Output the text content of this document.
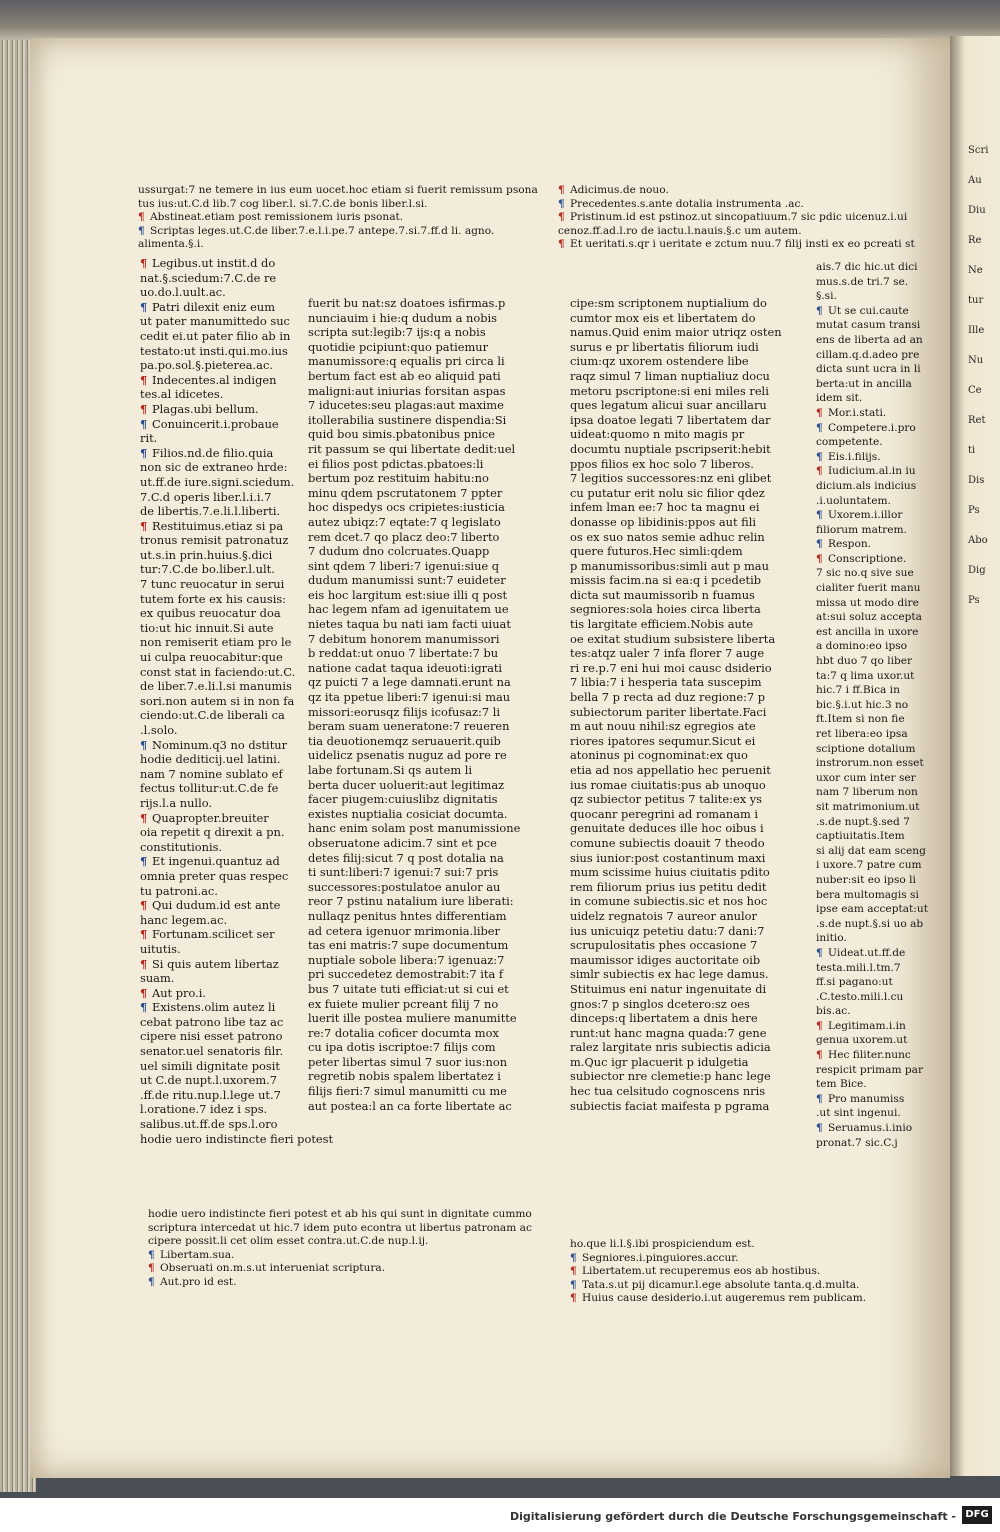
ussurgat:7 ne temere in ius eum uocet.hoc etiam si fuerit remissum psona
tus ius:ut.C.d lib.7 cog liber.l. si.7.C.de bonis liber.l.si.
¶ Abstineat.etiam post remissionem iuris psonat.
¶ Scriptas leges.ut.C.de liber.7.e.l.i.pe.7 antepe.7.si.7.ff.d li. agno.
alimenta.§.i.
¶ Adicimus.de nouo.
¶ Precedentes.s.ante dotalia instrumenta .ac.
¶ Pristinum.id est pstinoz.ut sincopatiuum.7 sic pdic uicenuz.i.ui
cenoz.ff.ad.l.ro de iactu.l.nauis.§.c um autem.
¶ Et ueritati.s.qr i ueritate e zctum nuu.7 filij insti ex eo pcreati st
¶ Legibus.ut instit.d do
nat.§.sciedum:7.C.de re
uo.do.l.uult.ac.
¶ Patri dilexit eniz eum
ut pater manumittedo suc
cedit ei.ut pater filio ab in
testato:ut insti.qui.mo.ius
pa.po.sol.§.pieterea.ac.
¶ Indecentes.al indigen
tes.al idicetes.
¶ Plagas.ubi bellum.
¶ Conuincerit.i.probaue
rit.
¶ Filios.nd.de filio.quia
non sic de extraneo hrde:
ut.ff.de iure.signi.sciedum.
7.C.d operis liber.l.i.i.7
de libertis.7.e.li.l.liberti.
¶ Restituimus.etiaz si pa
tronus remisit patronatuz
ut.s.in prin.huius.§.dici
tur:7.C.de bo.liber.l.ult.
7 tunc reuocatur in serui
tutem forte ex his causis:
ex quibus reuocatur doa
tio:ut hic innuit.Si aute
non remiserit etiam pro le
ui culpa reuocabitur:que
const stat in faciendo:ut.C.
de liber.7.e.li.l.si manumis
sori.non autem si in non fa
ciendo:ut.C.de liberali ca
.l.solo.
¶ Nominum.q3 no dstitur
hodie dediticij.uel latini.
nam 7 nomine sublato ef
fectus tollitur:ut.C.de fe
rijs.l.a nullo.
¶ Quapropter.breuiter
oia repetit q direxit a pn.
constitutionis.
¶ Et ingenui.quantuz ad
omnia preter quas respec
tu patroni.ac.
¶ Qui dudum.id est ante
hanc legem.ac.
¶ Fortunam.scilicet ser
uitutis.
¶ Si quis autem libertaz
suam.
¶ Aut pro.i.
¶ Existens.olim autez li
cebat patrono libe taz ac
cipere nisi esset patrono
senator.uel senatoris filr.
uel simili dignitate posit
ut C.de nupt.l.uxorem.7
.ff.de ritu.nup.l.lege ut.7
l.oratione.7 idez i sps.
salibus.ut.ff.de sps.l.oro
hodie uero indistincte fieri potest
fuerit bu nat:sz doatoes isfirmas.p
nunciauim i hie:q dudum a nobis
scripta sut:legib:7 ijs:q a nobis
quotidie pcipiunt:quo patiemur
manumissore:q equalis pri circa li
bertum fact est ab eo aliquid pati
maligni:aut iniurias forsitan aspas
7 iducetes:seu plagas:aut maxime
itollerabilia sustinere dispendia:Si
quid bou simis.pbatonibus pnice
rit passum se qui libertate dedit:uel
ei filios post pdictas.pbatoes:li
bertum poz restituim habitu:no
minu qdem pscrutatonem 7 ppter
hoc dispedys ocs cripietes:iusticia
autez ubiqz:7 eqtate:7 q legislato
rem dcet.7 qo placz deo:7 liberto
7 dudum dno colcruates.Quapp
sint qdem 7 liberi:7 igenui:siue q
dudum manumissi sunt:7 euideter
eis hoc largitum est:siue illi q post
hac legem nfam ad igenuitatem ue
nietes taqua bu nati iam facti uiuat
7 debitum honorem manumissori
b reddat:ut onuo 7 libertate:7 bu
natione cadat taqua ideuoti:igrati
qz puicti 7 a lege damnati.erunt na
qz ita ppetue liberi:7 igenui:si mau
missori:eorusqz filijs icofusaz:7 li
beram suam ueneratone:7 reueren
tia deuotionemqz seruauerit.quib
uidelicz psenatis nuguz ad pore re
labe fortunam.Si qs autem li
berta ducer uoluerit:aut legitimaz
facer piugem:cuiuslibz dignitatis
existes nuptialia cosiciat documta.
hanc enim solam post manumissione
obseruatone adicim.7 sint et pce
detes filij:sicut 7 q post dotalia na
ti sunt:liberi:7 igenui:7 sui:7 pris
successores:postulatoe anulor au
reor 7 pstinu natalium iure liberati:
nullaqz penitus hntes differentiam
ad cetera igenuor mrimonia.liber
tas eni matris:7 supe documentum
nuptiale sobole libera:7 igenuaz:7
pri succedetez demostrabit:7 ita f
bus 7 uitate tuti efficiat:ut si cui et
ex fuiete mulier pcreant filij 7 no
luerit ille postea muliere manumitte
re:7 dotalia coficer documta mox
cu ipa dotis iscriptoe:7 filijs com
peter libertas simul 7 suor ius:non
regretib nobis spalem libertatez i
filijs fieri:7 simul manumitti cu me
aut postea:l an ca forte libertate ac
cipe:sm scriptonem nuptialium do
cumtor mox eis et libertatem do
namus.Quid enim maior utriqz osten
surus e pr libertatis filiorum iudi
cium:qz uxorem ostendere libe
raqz simul 7 liman nuptialiuz docu
metoru pscriptone:si eni miles reli
ques legatum alicui suar ancillaru
ipsa doatoe legati 7 libertatem dar
uideat:quomo n mito magis pr
documtu nuptiale pscripserit:hebit
ppos filios ex hoc solo 7 liberos.
7 legitios successores:nz eni glibet
cu putatur erit nolu sic filior qdez
infem lman ee:7 hoc ta magnu ei
donasse op libidinis:ppos aut fili
os ex suo natos semie adhuc relin
quere futuros.Hec simli:qdem
p manumissoribus:simli aut p mau
missis facim.na si ea:q i pcedetib
dicta sut maumissorib n fuamus
segniores:sola hoies circa liberta
tis largitate efficiem.Nobis aute
oe exitat studium subsistere liberta
tes:atqz ualer 7 infa florer 7 auge
ri re.p.7 eni hui moi causc dsiderio
7 libia:7 i hesperia tata suscepim
bella 7 p recta ad duz regione:7 p
subiectorum pariter libertate.Faci
m aut nouu nihil:sz egregios ate
riores ipatores sequmur.Sicut ei
atoninus pi cognominat:ex quo
etia ad nos appellatio hec peruenit
ius romae ciuitatis:pus ab unoquo
qz subiector petitus 7 talite:ex ys
quocanr peregrini ad romanam i
genuitate deduces ille hoc oibus i
comune subiectis doauit 7 theodo
sius iunior:post costantinum maxi
mum scissime huius ciuitatis pdito
rem filiorum prius ius petitu dedit
in comune subiectis.sic et nos hoc
uidelz regnatois 7 aureor anulor
ius unicuiqz petetiu datu:7 dani:7
scrupulositatis phes occasione 7
maumissor idiges auctoritate oib
simlr subiectis ex hac lege damus.
Stituimus eni natur ingenuitate di
gnos:7 p singlos dcetero:sz oes
dinceps:q libertatem a dnis here
runt:ut hanc magna quada:7 gene
ralez largitate nris subiectis adicia
m.Quc igr placuerit p idulgetia
subiector nre clemetie:p hanc lege
hec tua celsitudo cognoscens nris
subiectis faciat maifesta p pgrama
ais.7 dic hic.ut dici
mus.s.de tri.7 se.
§.si.
¶ Ut se cui.caute
mutat casum transi
ens de liberta ad an
cillam.q.d.adeo pre
dicta sunt ucra in li
berta:ut in ancilla
idem sit.
¶ Mor.i.stati.
¶ Competere.i.pro
competente.
¶ Eis.i.filijs.
¶ Iudicium.al.in iu
dicium.als indicius
.i.uoluntatem.
¶ Uxorem.i.illor
filiorum matrem.
¶ Respon.
¶ Conscriptione.
7 sic no.q sive sue
cialiter fuerit manu
missa ut modo dire
at:sui soluz accepta
est ancilla in uxore
a domino:eo ipso
hbt duo 7 qo liber
ta:7 q lima uxor.ut
hic.7 i ff.Bica in
bic.§.i.ut hic.3 no
ft.Item si non fie
ret libera:eo ipsa
sciptione dotalium
instrorum.non esset
uxor cum inter ser
nam 7 liberum non
sit matrimonium.ut
.s.de nupt.§.sed 7
captiuitatis.Item
si alij dat eam sceng
i uxore.7 patre cum
nuber:sit eo ipso li
bera multomagis si
ipse eam acceptat:ut
.s.de nupt.§.si uo ab
initio.
¶ Uideat.ut.ff.de
testa.mili.l.tm.7
ff.si pagano:ut
.C.testo.mili.l.cu
bis.ac.
¶ Legitimam.i.in
genua uxorem.ut
¶ Hec filiter.nunc
respicit primam par
tem Bice.
¶ Pro manumiss
.ut sint ingenui.
¶ Seruamus.i.inio
pronat.7 sic.C.j
hodie uero indistincte fieri potest et ab his qui sunt in dignitate cummo
scriptura intercedat ut hic.7 idem puto econtra ut libertus patronam ac
cipere possit.li cet olim esset contra.ut.C.de nup.l.ij.
¶ Libertam.sua.
¶ Obseruati on.m.s.ut interueniat scriptura.
¶ Aut.pro id est.
ho.que li.l.§.ibi prospiciendum est.
¶ Segniores.i.pinguiores.accur.
¶ Libertatem.ut recuperemus eos ab hostibus.
¶ Tata.s.ut pij dicamur.l.ege absolute tanta.q.d.multa.
¶ Huius cause desiderio.i.ut augeremus rem publicam.
Scri
Au
Diu
Re
Ne
tur
Ille
Nu
Ce
Ret
ti
Dis
Ps
Abo
Dig
Ps
Digitalisierung gefördert durch die Deutsche Forschungsgemeinschaft - DFG
